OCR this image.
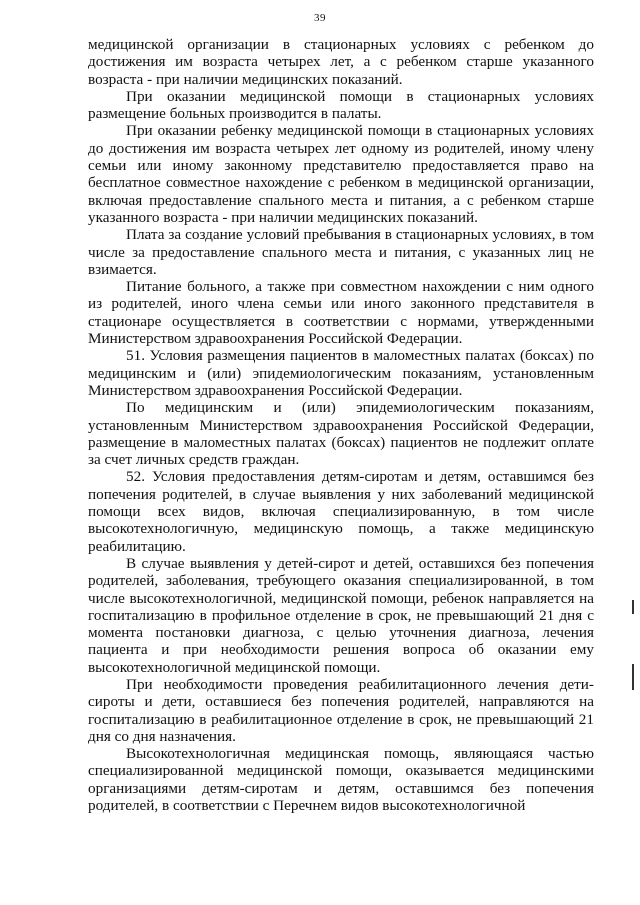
39

медицинской организации в стационарных условиях с ребенком до достижения им возраста четырех лет, а с ребенком старше указанного возраста - при наличии медицинских показаний.

При оказании медицинской помощи в стационарных условиях размещение больных производится в палаты.

При оказании ребенку медицинской помощи в стационарных условиях до достижения им возраста четырех лет одному из родителей, иному члену семьи или иному законному представителю предоставляется право на бесплатное совместное нахождение с ребенком в медицинской организации, включая предоставление спального места и питания, а с ребенком старше указанного возраста - при наличии медицинских показаний.

Плата за создание условий пребывания в стационарных условиях, в том числе за предоставление спального места и питания, с указанных лиц не взимается.

Питание больного, а также при совместном нахождении с ним одного из родителей, иного члена семьи или иного законного представителя в стационаре осуществляется в соответствии с нормами, утвержденными Министерством здравоохранения Российской Федерации.

51. Условия размещения пациентов в маломестных палатах (боксах) по медицинским и (или) эпидемиологическим показаниям, установленным Министерством здравоохранения Российской Федерации.

По медицинским и (или) эпидемиологическим показаниям, установленным Министерством здравоохранения Российской Федерации, размещение в маломестных палатах (боксах) пациентов не подлежит оплате за счет личных средств граждан.

52. Условия предоставления детям-сиротам и детям, оставшимся без попечения родителей, в случае выявления у них заболеваний медицинской помощи всех видов, включая специализированную, в том числе высокотехнологичную, медицинскую помощь, а также медицинскую реабилитацию.

В случае выявления у детей-сирот и детей, оставшихся без попечения родителей, заболевания, требующего оказания специализированной, в том числе высокотехнологичной, медицинской помощи, ребенок направляется на госпитализацию в профильное отделение в срок, не превышающий 21 дня с момента постановки диагноза, с целью уточнения диагноза, лечения пациента и при необходимости решения вопроса об оказании ему высокотехнологичной медицинской помощи.

При необходимости проведения реабилитационного лечения дети-сироты и дети, оставшиеся без попечения родителей, направляются на госпитализацию в реабилитационное отделение в срок, не превышающий 21 дня со дня назначения.

Высокотехнологичная медицинская помощь, являющаяся частью специализированной медицинской помощи, оказывается медицинскими организациями детям-сиротам и детям, оставшимся без попечения родителей, в соответствии с Перечнем видов высокотехнологичной
